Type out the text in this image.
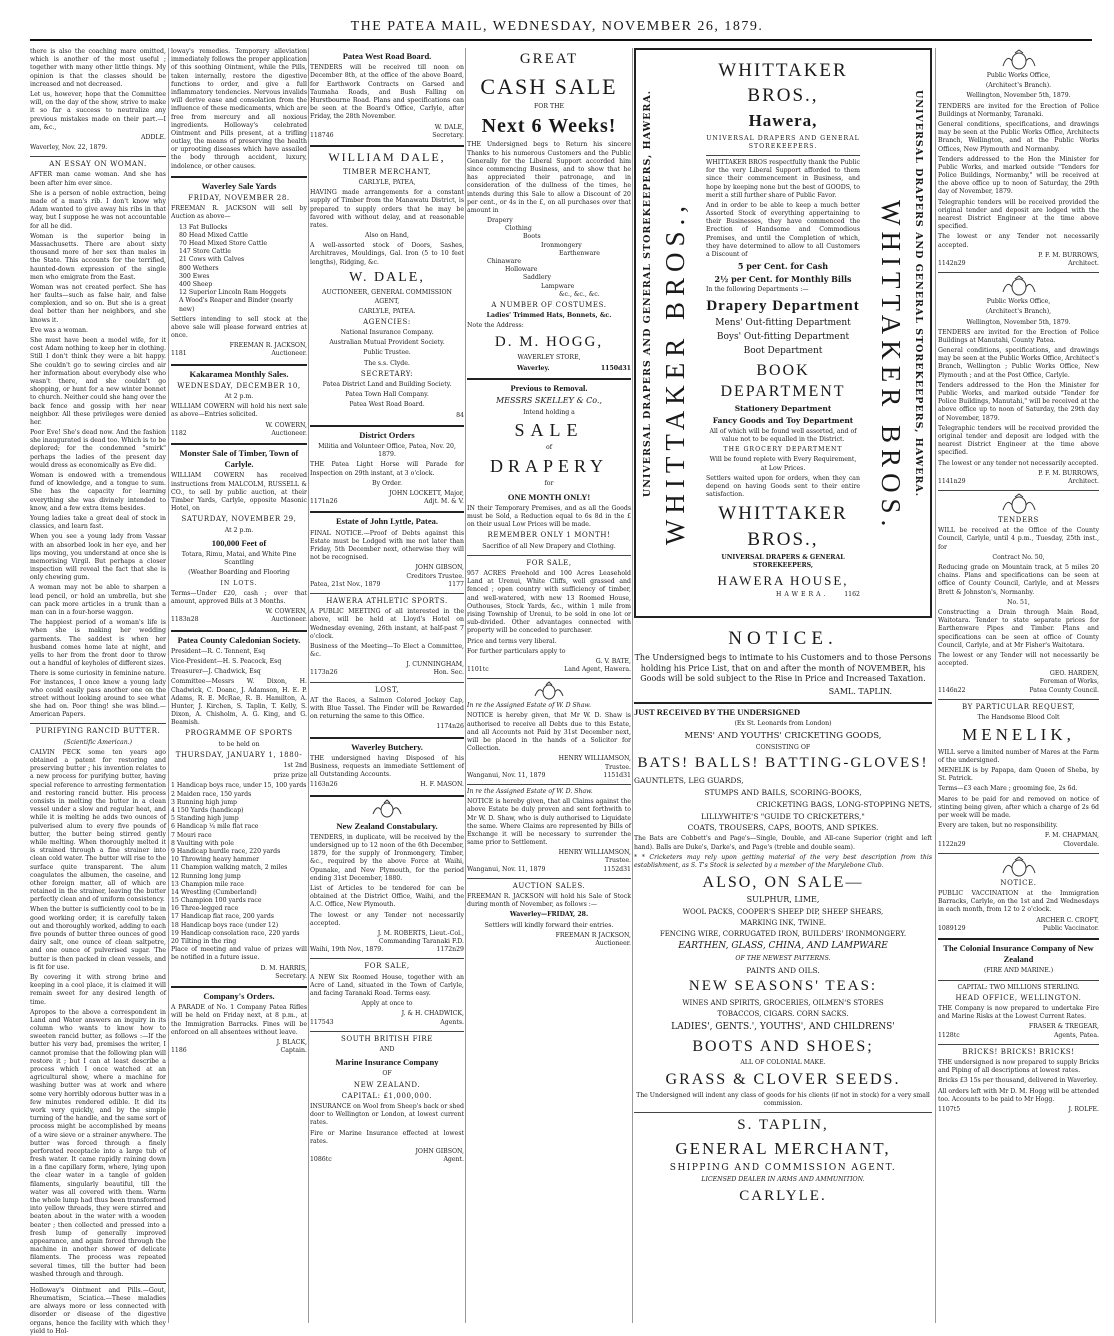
THE PATEA MAIL, WEDNESDAY, NOVEMBER 26, 1879.

there is also the coaching mare omitted, which is another of the most useful ; together with many other little things. My opinion is that the classes should be increased and not decreased.

Let us, however, hope that the Committee will, on the day of the show, strive to make it so far a success to neutralize any previous mistakes made on their part.—I am, &c.,

ADDLE.

Waverley, Nov. 22, 1879.

AN ESSAY ON WOMAN.

AFTER man came woman. And she has been after him ever since.

She is a person of noble extraction, being made of a man's rib. I don't know why Adam wanted to give away his ribs in that way, but I suppose he was not accountable for all he did.

Woman is the superior being in Massachusetts. There are about sixty thousand more of her sex than males in the State. This accounts for the terrified, haunted-down expression of the single men who emigrate from the East.

Woman was not created perfect. She has her faults—such as false hair, and false complexion, and so on. But she is a great deal better than her neighbors, and she knows it.

Eve was a woman.

She must have been a model wife, for it cost Adam nothing to keep her in clothing. Still I don't think they were a bit happy. She couldn't go to sewing circles and air her information about everybody else who wasn't there, and she couldn't go shopping, or hunt for a new winter bonnet to church. Neither could she hang over the back fence and gossip with her near neighbor. All these privileges were denied her.

Poor Eve! She's dead now. And the fashion she inaugurated is dead too. Which is to be deplored; for the condemned "smirk" perhaps the ladies of the present day would dress as economically as Eve did.

Woman is endowed with a tremendous fund of knowledge, and a tongue to sum. She has the capacity for learning everything she was divinely intended to know, and a few extra items besides.

Young ladies take a great deal of stock in classics, and learn fast.

When you see a young lady from Vassar with an absorbed look in her eye, and her lips moving, you understand at once she is memorising Virgil. But perhaps a closer inspection will reveal the fact that she is only chewing gum.

A woman may not be able to sharpen a lead pencil, or hold an umbrella, but she can pack more articles in a trunk than a man can in a four-horse waggon.

The happiest period of a woman's life is when she is making her wedding garments. The saddest is when her husband comes home late at night, and yells to her from the front door to throw out a handful of keyholes of different sizes.

There is some curiosity in feminine nature. For instances, I once knew a young lady who could easily pass another one on the street without looking around to see what she had on. Poor thing! she was blind.—American Papers.

PURIFYING RANCID BUTTER.

(Scientific American.)

CALVIN PECK some ten years ago obtained a patent for restoring and preserving butter ; his invention relates to a new process for purifying butter, having special reference to arresting fermentation and restoring rancid butter. His process consists in melting the butter in a clean vessel under a slow and regular heat, and while it is melting he adds two ounces of pulverised alum to every five pounds of butter, the butter being stirred gently while melting. When thoroughly melted it is strained through a fine strainer into clean cold water. The butter will rise to the surface quite transparent. The alum coagulates the albumen, the caseine, and other foreign matter, all of which are retained in the strainer, leaving the butter perfectly clean and of uniform consistency.

When the butter is sufficiently cool to be in good working order, it is carefully taken out and thoroughly worked, adding to each five pounds of butter three ounces of good dairy salt, one ounce of clean saltpetre, and one ounce of pulverised sugar. The butter is then packed in clean vessels, and is fit for use.

By covering it with strong brine and keeping in a cool place, it is claimed it will remain sweet for any desired length of time.

Apropos to the above a correspondent in Land and Water answers an inquiry in its column who wants to know how to sweeten rancid butter, as follows :—If the butter his very bad, premises the writer, I cannot promise that the following plan will restore it ; but I can at least describe a process which I once watched at an agricultural show, where a machine for washing butter was at work and where some very horribly odorous butter was in a few minutes rendered edible. It did its work very quickly, and by the simple turning of the handle, and the same sort of process might be accomplished by means of a wire sieve or a strainer anywhere. The butter was forced through a finely perforated receptacle into a large tub of fresh water. It came rapidly raining down in a fine capillary form, where, lying upon the clear water in a tangle of golden filaments, singularly beautiful, till the water was all covered with them. Warm the whole lump had thus been transformed into yellow threads, they were stirred and beaten about in the water with a wooden beater ; then collected and pressed into a fresh lump of generally improved appearance, and again forced through the machine in another shower of delicate filaments. The process was repeated several times, till the butter had been washed through and through.

Holloway's Ointment and Pills.—Gout, Rheumatism, Sciatica.—These maladies are always more or less connected with disorder or disease of the digestive organs, hence the facility with which they yield to Hol-

loway's remedies. Temporary alleviation immediately follows the proper application of this soothing Ointment, while the Pills, taken internally, restore the digestive functions to order, and give a full inflammatory tendencies. Nervous invalids will derive ease and consolation from the influence of these medicaments, which are free from mercury and all noxious ingredients. Holloway's celebrated Ointment and Pills present, at a trifling outlay, the means of preserving the health or uprooting diseases which have assailed the body through accident, luxury, indolence, or other causes.

Waverley Sale Yards
FRIDAY, NOVEMBER 28.

FREEMAN R. JACKSON will sell by Auction as above—

13 Fat Bullocks
80 Head Mixed Cattle
70 Head Mixed Store Cattle
147 Store Cattle
21 Cows with Calves
800 Wethers
300 Ewes
400 Sheep
12 Superior Lincoln Ram Hoggets
A Wood's Reaper and Binder (nearly new)

Settlers intending to sell stock at the above sale will please forward entries at once.

FREEMAN R. JACKSON,
1181	Auctioneer.
Kakaramea Monthly Sales.
WEDNESDAY, DECEMBER 10,

At 2 p.m.

WILLIAM COWERN will hold his next sale as above—Entries solicited.

W. COWERN,
1182	Auctioneer.
Monster Sale of Timber, Town of Carlyle.

WILLIAM COWERN has received instructions from MALCOLM, RUSSELL & CO., to sell by public auction, at their Timber Yards, Carlyle, opposite Masonic Hotel, on

SATURDAY, NOVEMBER 29,

At 2 p.m.

100,000 Feet of

Totara, Rimu, Matai, and White Pine Scantling

(Weather Boarding and Flooring

IN LOTS.

Terms—Under £20, cash ; over that amount, approved Bills at 3 Months.

W. COWERN,
1183n28	Auctioneer.
Patea County Caledonian Society.

President—R. C. Tennent, Esq

Vice-President—H. S. Peacock, Esq

Treasurer—J. Chadwick, Esq

Committee—Messrs W. Dixon, H. Chadwick, C. Doanc, J. Adamson, H. E. P. Adams, R. E. McRae, R. B. Hamilton, A. Hunter, J. Kirchen, S. Taplin, T. Kelly, S. Dixon, A. Chisholm, A. G. King, and G. Beamish.

PROGRAMME OF SPORTS

to be held on

THURSDAY, JANUARY 1, 1880-

1st 2nd

prize prize

1 Handicap boys race, under 15, 100 yards
2 Maiden race, 150 yards
3 Running high jump
4 150 Yards (handicap)
5 Standing high jump
6 Handicap ¼ mile flat race
7 Mouri race
8 Vaulting with pole
9 Handicap hurdle race, 220 yards
10 Throwing heavy hammer
11 Champion walking match, 2 miles
12 Running long jump
13 Champion mile race
14 Wrestling (Cumberland)
15 Champion 100 yards race
16 Three-legged race
17 Handicap flat race, 200 yards
18 Handicap boys race (under 12)
19 Handicap consolation race, 220 yards
20 Tilting in the ring

Place of meeting and value of prizes will be notified in a future issue.

D. M. HARRIS,
Secretary.
Company's Orders.

A PARADE of No. 1 Company Patea Rifles will be held on Friday next, at 8 p.m., at the Immigration Barracks. Fines will be enforced on all absentees without leave.

J. BLACK,
1186	Captain.
Patea West Road Board.

TENDERS will be received till noon on December 8th, at the office of the above Board, for Earthwork Contracts on Garsed and Taumaha Roads, and Bush Falling on Hurstbourne Road. Plans and specifications can be seen at the Board's Office, Carlyle, after Friday, the 28th November.

W. DALE,
118746	Secretary.
WILLIAM DALE,
TIMBER MERCHANT,

CARLYLE, PATEA,

HAVING made arrangements for a constant supply of Timber from the Manawatu District, is prepared to supply orders that he may be favored with without delay, and at reasonable rates.

Also on Hand,

A well-assorted stock of Doors, Sashes, Architraves, Mouldings, Gal. Iron (5 to 10 feet lengths), Ridging, &c.

W. DALE,

AUCTIONEER, GENERAL COMMISSION AGENT,

CARLYLE, PATEA.

AGENCIES:

National Insurance Company.

Australian Mutual Provident Society.

Public Trustee.

The s.s. Clyde.

SECRETARY:

Patea District Land and Building Society.

Patea Town Hall Company.

Patea West Road Board.

84

District Orders

Militia and Volunteer Office, Patea, Nov. 20, 1879.

THE Patea Light Horse will Parade for Inspection on 29th instant, at 3 o'clock.

By Order.

JOHN LOCKETT, Major,
1171n26	Adjt. M. & V.
Estate of John Lyttle, Patea.

FINAL NOTICE.—Proof of Debts against this Estate must be Lodged with me not later than Friday, 5th December next, otherwise they will not be recognised.

JOHN GIBSON,
Creditors Trustee.
Patea, 21st Nov., 1879	1177
HAWERA ATHLETIC SPORTS.

A PUBLIC MEETING of all interested in the above, will be held at Lloyd's Hotel on Wednesday evening, 26th instant, at half-past 7 o'clock.

Business of the Meeting—To Elect a Committee, &c.

J. CUNNINGHAM,
1173n26	Hon. Sec.
LOST,

AT the Races, a Salmon Colored Jockey Cap, with Blue Tassel. The Finder will be Rewarded on returning the same to this Office.

1174n26

Waverley Butchery.

THE undersigned having Disposed of his Business, requests an immediate Settlement of all Outstanding Accounts.

1163n26	H. F. MASON.
New Zealand Constabulary.

TENDERS, in duplicate, will be received by the undersigned up to 12 noon of the 6th December, 1879, for the supply of Ironmongery, Timber, &c., required by the above Force at Waihi, Opunake, and New Plymouth, for the period ending 31st December, 1880.

List of Articles to be tendered for can be obtained at the District Office, Waihi, and the A.C. Office, New Plymouth.

The lowest or any Tender not necessarily accepted.

J. M. ROBERTS, Lieut.-Col.,
Commanding Taranaki F.D.
Waihi, 19th Nov., 1879.	1172n29
FOR SALE,

A NEW Six Roomed House, together with an Acre of Land, situated in the Town of Carlyle, and facing Taranaki Road. Terms easy.

Apply at once to

J. & H. CHADWICK,
117543	Agents.
SOUTH BRITISH FIRE

AND

Marine Insurance Company

OF

NEW ZEALAND.
CAPITAL: £1,000,000.

INSURANCE on Wool from Sheep's back or shed door to Wellington or London, at lowest current rates.

Fire or Marine Insurance effected at lowest rates.

JOHN GIBSON,
1086tc	Agent.
GREAT
CASH SALE

FOR THE

Next 6 Weeks!

THE Undersigned begs to Return his sincere Thanks to his numerous Customers and the Public Generally for the Liberal Support accorded him since commencing Business, and to show that he has appreciated their patronage, and in consideration of the dullness of the times, he intends during this Sale to allow a Discount of 20 per cent., or 4s in the £, on all purchases over that amount in

Drapery
Clothing
Boots
Ironmongery
Earthenware
Chinaware
Holloware
Saddlery
Lampware
&c., &c., &c.
A NUMBER OF COSTUMES.

Ladies' Trimmed Hats, Bonnets, &c.

Note the Address:

D. M. HOGG,

WAVERLEY STORE,

Waverley.	1150d31
Previous to Removal.

MESSRS SKELLEY & Co.,

Intend holding a

SALE

of

DRAPERY

for

ONE MONTH ONLY!

IN their Temporary Premises, and as all the Goods must be Sold, a Reduction equal to 6s 8d in the £ on their usual Low Prices will be made.

REMEMBER ONLY 1 MONTH!

Sacrifice of all New Drapery and Clothing.

FOR SALE,

957 ACRES Freehold and 100 Acres Leasehold Land at Urenui, White Cliffs, well grassed and fenced ; open country with sufficiency of timber, and well-watered, with new 13 Roomed House, Outhouses, Stock Yards, &c., within 1 mile from rising Township of Urenui, to be sold in one lot or sub-divided. Other advantages connected with property will be conceded to purchaser.

Price and terms very liberal.

For further particulars apply to

G. V. BATE,
1101tc	Land Agent, Hawera.

In re the Assigned Estate of W. D Shaw.

NOTICE is hereby given, that Mr W. D. Shaw is authorised to receive all Debts due to this Estate, and all Accounts not Paid by 31st December next, will be placed in the hands of a Solicitor for Collection.

HENRY WILLIAMSON,
Trustee.
Wanganui, Nov. 11, 1879	1151d31

In re the Assigned Estate of W. D. Shaw.

NOTICE is hereby given, that all Claims against the above Estate be duly proven and sent forthwith to Mr W. D. Shaw, who is duly authorised to Liquidate the same. Where Claims are represented by Bills of Exchange it will be necessary to surrender the same prior to Settlement.

HENRY WILLIAMSON,
Trustee.
Wanganui, Nov. 11, 1879	1152d31
AUCTION SALES.

FREEMAN R. JACKSON will hold his Sale of Stock during month of November, as follows :—

Waverley—FRIDAY, 28.

Settlers will kindly forward their entries.

FREEMAN R JACKSON,
Auctioneer.
UNIVERSAL DRAPERS AND GENERAL STOREKEEPERS, HAWERA. WHITTAKER BROS.,	WHITTAKER BROS. UNIVERSAL DRAPERS AND GENERAL STOREKEEPERS, HAWERA.
WHITTAKER BROS.,
Hawera,

UNIVERSAL DRAPERS AND GENERAL STOREKEEPERS.

WHITTAKER BROS respectfully thank the Public for the very Liberal Support afforded to them since their commencement in Business, and hope by keeping none but the best of GOODS, to merit a still further share of Public Favor.

And in order to be able to keep a much better Assorted Stock of everything appertaining to their Businesses, they have commenced the Erection of Handsome and Commodious Premises, and until the Completion of which, they have determined to allow to all Customers a Discount of

5 per Cent. for Cash

2½ per Cent. for Monthly Bills

In the following Departments :—

Drapery Department

Mens' Out-fitting Department

Boys' Out-fitting Department

Boot Department

BOOK DEPARTMENT

Stationery Department

Fancy Goods and Toy Department

All of which will be found well assorted, and of value not to be equalled in the District.

THE GROCERY DEPARTMENT

Will be found replete with Every Requirement, at Low Prices.

Settlers waited upon for orders, when they can depend on having Goods sent to their entire satisfaction.

WHITTAKER BROS.,

UNIVERSAL DRAPERS & GENERAL STOREKEEPERS,

HAWERA HOUSE,
HAWERA.	1162
NOTICE.

The Undersigned begs to intimate to his Customers and to those Persons holding his Price List, that on and after the month of NOVEMBER, his Goods will be sold subject to the Rise in Price and Increased Taxation.

SAML. TAPLIN.

JUST RECEIVED BY THE UNDERSIGNED

(Ex St. Leonards from London)

MENS' AND YOUTHS' CRICKETING GOODS,

CONSISTING OF

BATS! BALLS! BATTING-GLOVES!

GAUNTLETS, LEG GUARDS,

STUMPS AND BAILS, SCORING-BOOKS,

CRICKETING BAGS, LONG-STOPPING NETS,

LILLYWHITE'S "GUIDE TO CRICKETERS,"

COATS, TROUSERS, CAPS, BOOTS, AND SPIKES.

The Bats are Cobbett's and Page's—Single, Double, and All-cane Superior (right and left hand). Balls are Duke's, Darke's, and Page's (treble and double seam).

* * Cricketers may rely upon getting material of the very best description from this establishment, as S. T's Stock is selected by a member of the Marylebone Club.

ALSO, ON SALE—

SULPHUR, LIME,

WOOL PACKS, COOPER'S SHEEP DIP, SHEEP SHEARS,

MARKING INK, TWINE.

FENCING WIRE, CORRUGATED IRON, BUILDERS' IRONMONGERY.

EARTHEN, GLASS, CHINA, AND LAMPWARE

OF THE NEWEST PATTERNS.

PAINTS AND OILS.

NEW SEASONS' TEAS:

WINES AND SPIRITS, GROCERIES, OILMEN'S STORES

TOBACCOS, CIGARS. CORN SACKS.

LADIES', GENTS.', YOUTHS', AND CHILDRENS'

BOOTS AND SHOES;

ALL OF COLONIAL MAKE.

GRASS & CLOVER SEEDS.

The Undersigned will indent any class of goods for his clients (if not in stock) for a very small commission.

S. TAPLIN,
GENERAL MERCHANT,

SHIPPING AND COMMISSION AGENT.

LICENSED DEALER IN ARMS AND AMMUNITION.

CARLYLE.

Public Works Office,

(Architect's Branch).

Wellington, November 5th, 1879.

TENDERS are invited for the Erection of Police Buildings at Normanby, Taranaki.

General conditions, specifications, and drawings may be seen at the Public Works Office, Architects Branch, Wellington, and at the Public Works Offices, New Plymouth and Normanby.

Tenders addressed to the Hon the Minister for Public Works, and marked outside "Tenders for Police Buildings, Normanby," will be received at the above office up to noon of Saturday, the 29th day of November, 1879.

Telegraphic tenders will be received provided the original tender and deposit are lodged with the nearest District Engineer at the time above specified.

The lowest or any Tender not necessarily accepted.

P. F. M. BURROWS,
1142n29	Architect.

Public Works Office,

(Architect's Branch),

Wellington, November 5th, 1879.

TENDERS are invited for the Erection of Police Buildings at Manutahi, County Patea.

General conditions, specifications, and drawings may be seen at the Public Works Office, Architect's Branch, Wellington ; Public Works Office, New Plymouth ; and at the Post Office, Carlyle.

Tenders addressed to the Hon the Minister for Public Works, and marked outside "Tender for Police Buildings, Manutahi," will be received at the above office up to noon of Saturday, the 29th day of November, 1879.

Telegraphic tenders will be received provided the original tender and deposit are lodged with the nearest District Engineer at the time above specified.

The lowest or any tender not necessarily accepted.

P. F. M. BURROWS,
1141n29	Architect.
TENDERS

WILL be received at the Office of the County Council, Carlyle, until 4 p.m., Tuesday, 25th inst., for

Contract No. 50,

Reducing grade on Mountain track, at 5 miles 20 chains. Plans and specifications can be seen at office of County Council, Carlyle, and at Messrs Brett & Johnston's, Normanby.

No. 51,

Constructing a Drain through Main Road, Waitotara. Tender to state separate prices for Earthenware Pipes and Timber. Plans and specifications can be seen at office of County Council, Carlyle, and at Mr Fisher's Waitotara.

The lowest or any Tender will not necessarily be accepted.

GEO. HARDEN,
Foreman of Works,
1146n22	Patea County Council.
BY PARTICULAR REQUEST,

The Handsome Blood Colt

MENELIK,

WILL serve a limited number of Mares at the Farm of the undersigned.

MENELIK is by Papapa, dam Queen of Sheba, by St. Patrick.

Terms—£3 each Mare ; grooming fee, 2s 6d.

Mares to be paid for and removed on notice of stinting being given, after which a charge of 2s 6d per week will be made.

Every are taken, but no responsibility.

F. M. CHAPMAN,
1122n29	Cloverdale.
NOTICE.

PUBLIC VACCINATION at the Immigration Barracks, Carlyle, on the 1st and 2nd Wednesdays in each month, from 12 to 2 o'clock.

ARCHER C. CROFT,
1089129	Public Vaccinator.
The Colonial Insurance Company of New Zealand

(FIRE AND MARINE.)

CAPITAL: TWO MILLIONS STERLING.

HEAD OFFICE, WELLINGTON.

THE Company is now prepared to undertake Fire and Marine Risks at the Lowest Current Rates.

FRASER & TREGEAR,
1128tc	Agents, Patea.
BRICKS! BRICKS! BRICKS!

THE undersigned is now prepared to supply Bricks and Piping of all descriptions at lowest rates.

Bricks £3 15s per thousand, delivered in Waverley.

All orders left with Mr D. M. Hogg will be attended too. Accounts to be paid to Mr Hogg.

1107t5	J. ROLFE.
